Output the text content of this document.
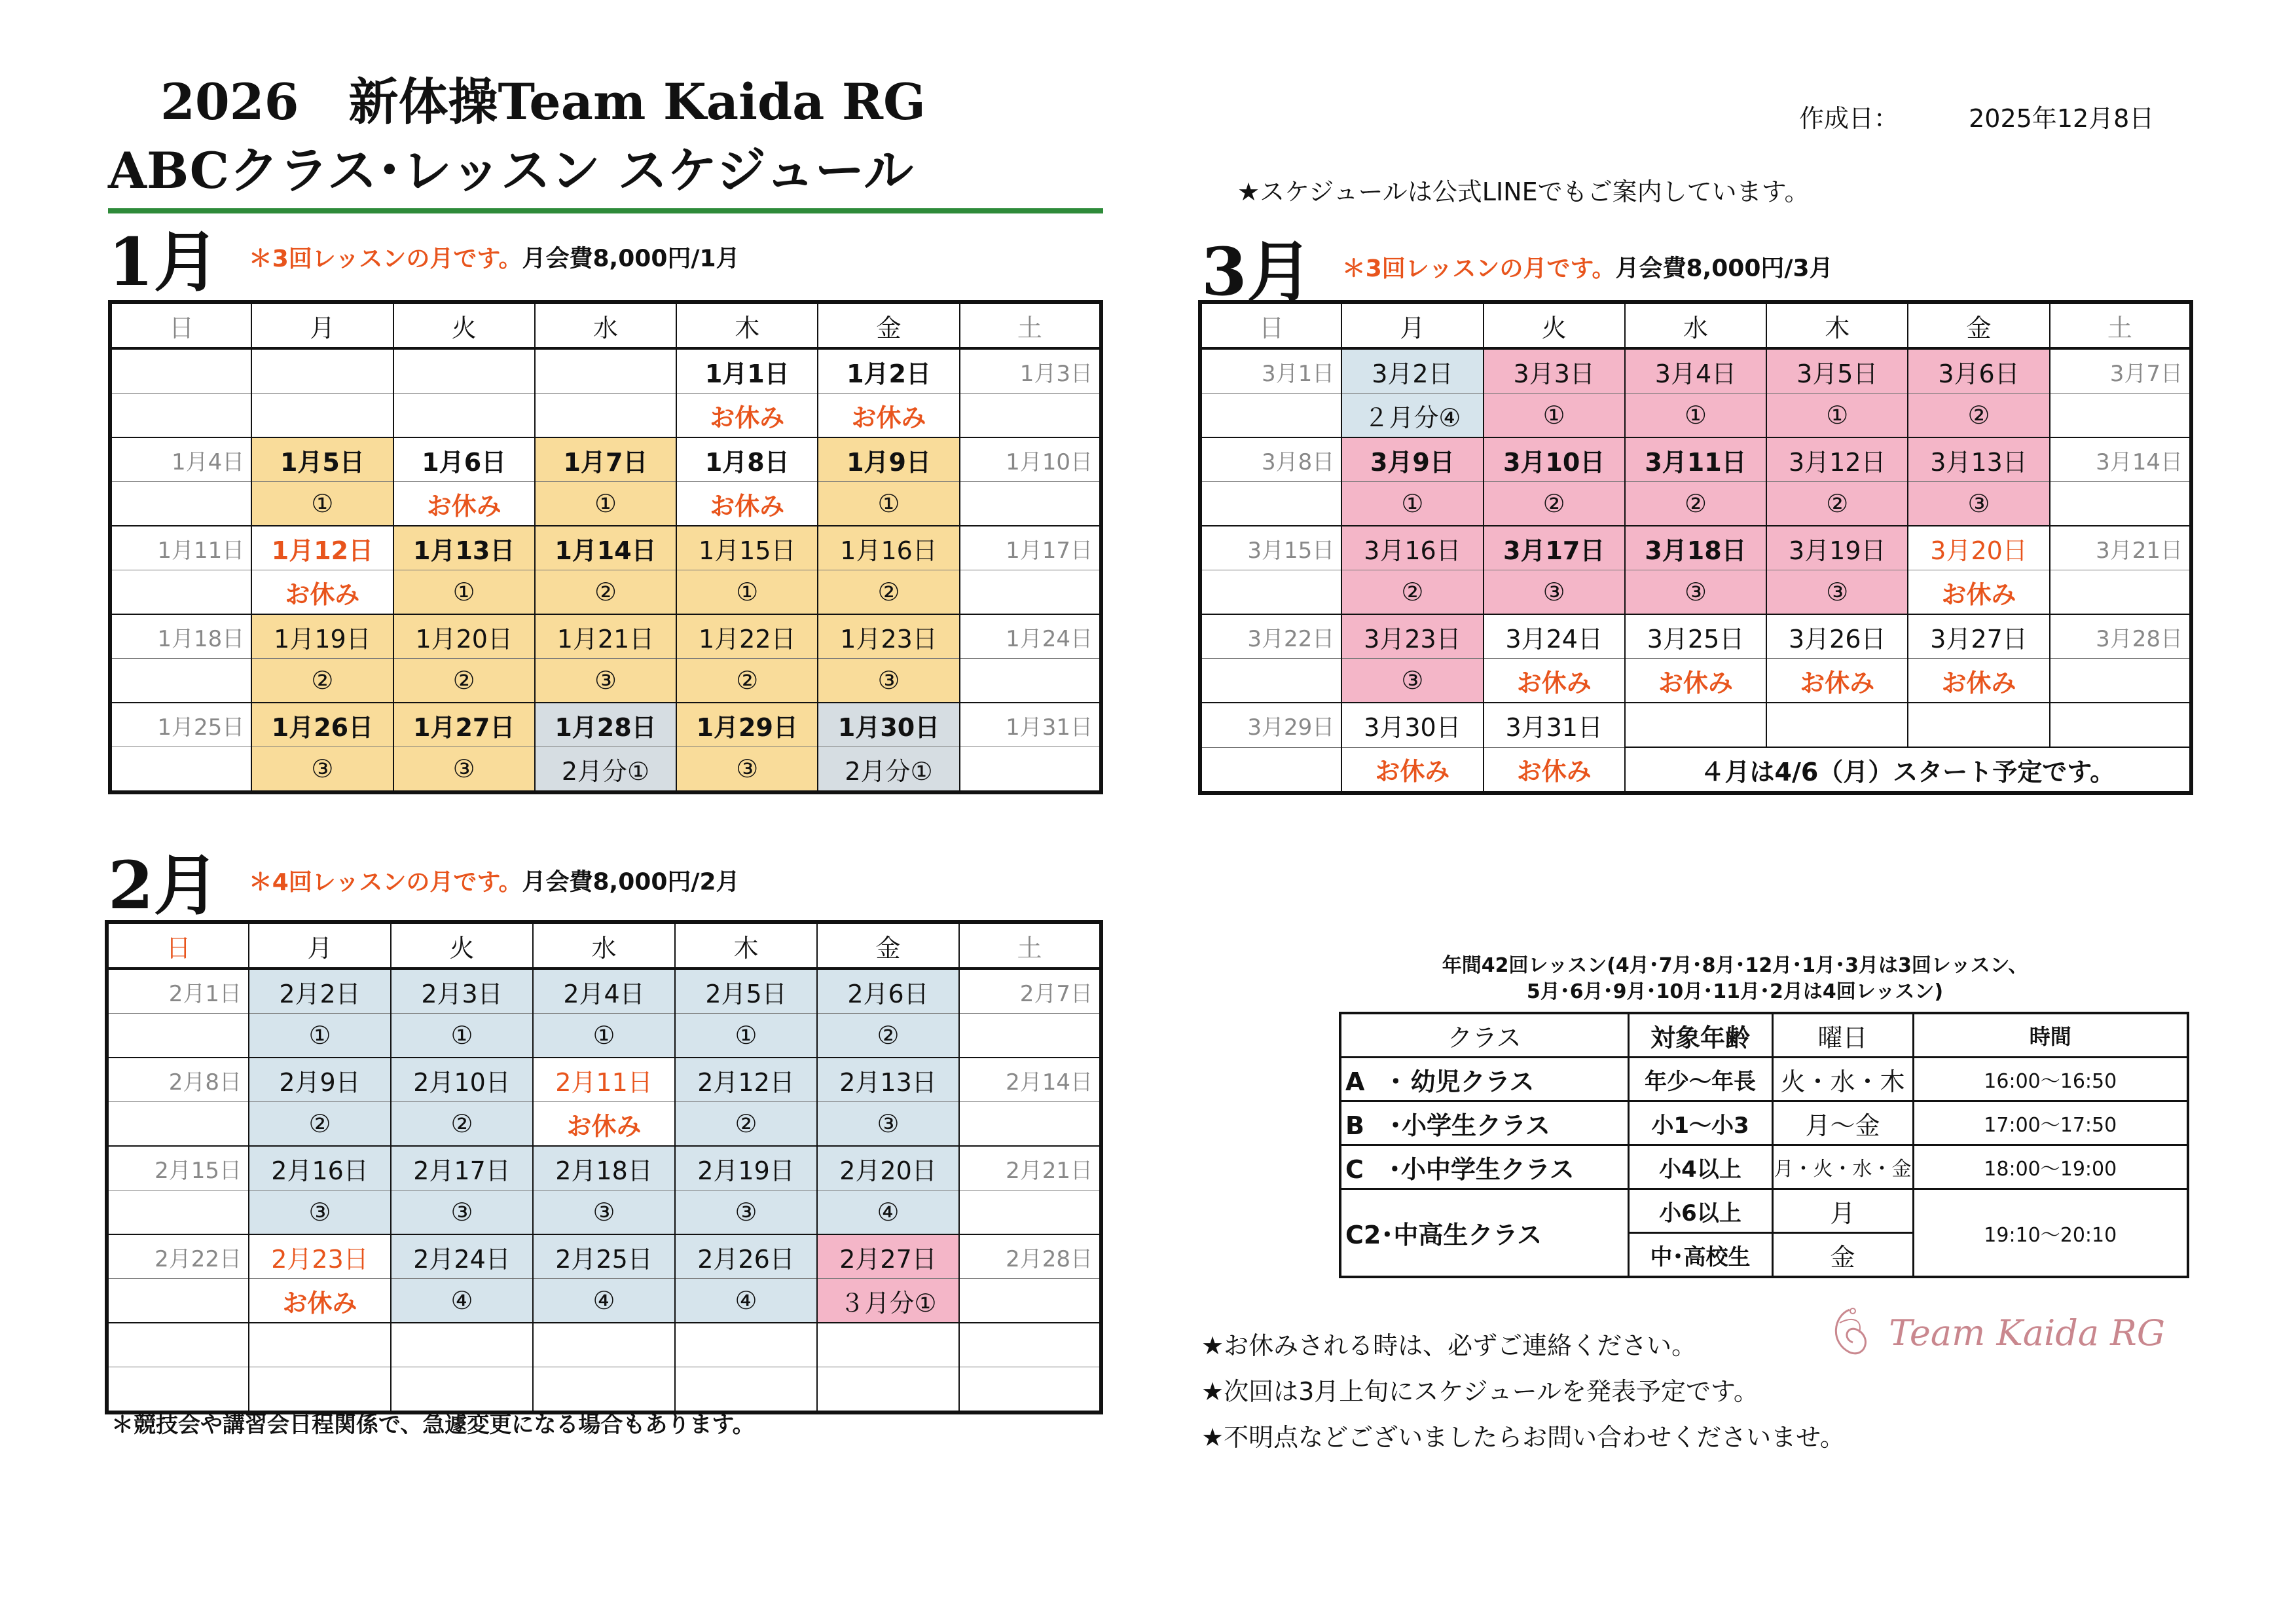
2026　新体操Team Kaida RG
ABCクラス･レッスン スケジュール
作成日：	2025年12月8日
★スケジュールは公式LINEでもご案内しています。
1月 ＊3回レッスンの月です。月会費8,000円/1月
日	月	火	水	木	金	土
				1月1日	1月2日	1月3日
				お休み	お休み	
1月4日	1月5日	1月6日	1月7日	1月8日	1月9日	1月10日
	①	お休み	①	お休み	①	
1月11日	1月12日	1月13日	1月14日	1月15日	1月16日	1月17日
	お休み	①	②	①	②	
1月18日	1月19日	1月20日	1月21日	1月22日	1月23日	1月24日
	②	②	③	②	③	
1月25日	1月26日	1月27日	1月28日	1月29日	1月30日	1月31日
	③	③	2月分①	③	2月分①	
3月 ＊3回レッスンの月です。月会費8,000円/3月
日	月	火	水	木	金	土
3月1日	3月2日	3月3日	3月4日	3月5日	3月6日	3月7日
	２月分④	①	①	①	②	
3月8日	3月9日	3月10日	3月11日	3月12日	3月13日	3月14日
	①	②	②	②	③	
3月15日	3月16日	3月17日	3月18日	3月19日	3月20日	3月21日
	②	③	③	③	お休み	
3月22日	3月23日	3月24日	3月25日	3月26日	3月27日	3月28日
	③	お休み	お休み	お休み	お休み	
3月29日	3月30日	3月31日				
	お休み	お休み	４月は4/6（月）スタート予定です。			
2月 ＊4回レッスンの月です。月会費8,000円/2月
日	月	火	水	木	金	土
2月1日	2月2日	2月3日	2月4日	2月5日	2月6日	2月7日
	①	①	①	①	②	
2月8日	2月9日	2月10日	2月11日	2月12日	2月13日	2月14日
	②	②	お休み	②	③	
2月15日	2月16日	2月17日	2月18日	2月19日	2月20日	2月21日
	③	③	③	③	④	
2月22日	2月23日	2月24日	2月25日	2月26日	2月27日	2月28日
	お休み	④	④	④	３月分①	

＊競技会や講習会日程関係で、急遽変更になる場合もあります。
年間42回レッスン(4月･7月･8月･12月･1月･3月は3回レッスン、
5月･6月･9月･10月･11月･2月は4回レッスン)
クラス	対象年齢	曜日	時間
A　･ 幼児クラス	年少～年長	火・水・木	16:00～16:50
B　･小学生クラス	小1～小3	月～金	17:00～17:50
C　･小中学生クラス	小4以上	月・火・水・金	18:00～19:00
C2･中高生クラス	小6以上	月	19:10～20:10
	中･高校生	金	
Team Kaida RG
★お休みされる時は、必ずご連絡ください。
★次回は3月上旬にスケジュールを発表予定です。
★不明点などございましたらお問い合わせくださいませ。
